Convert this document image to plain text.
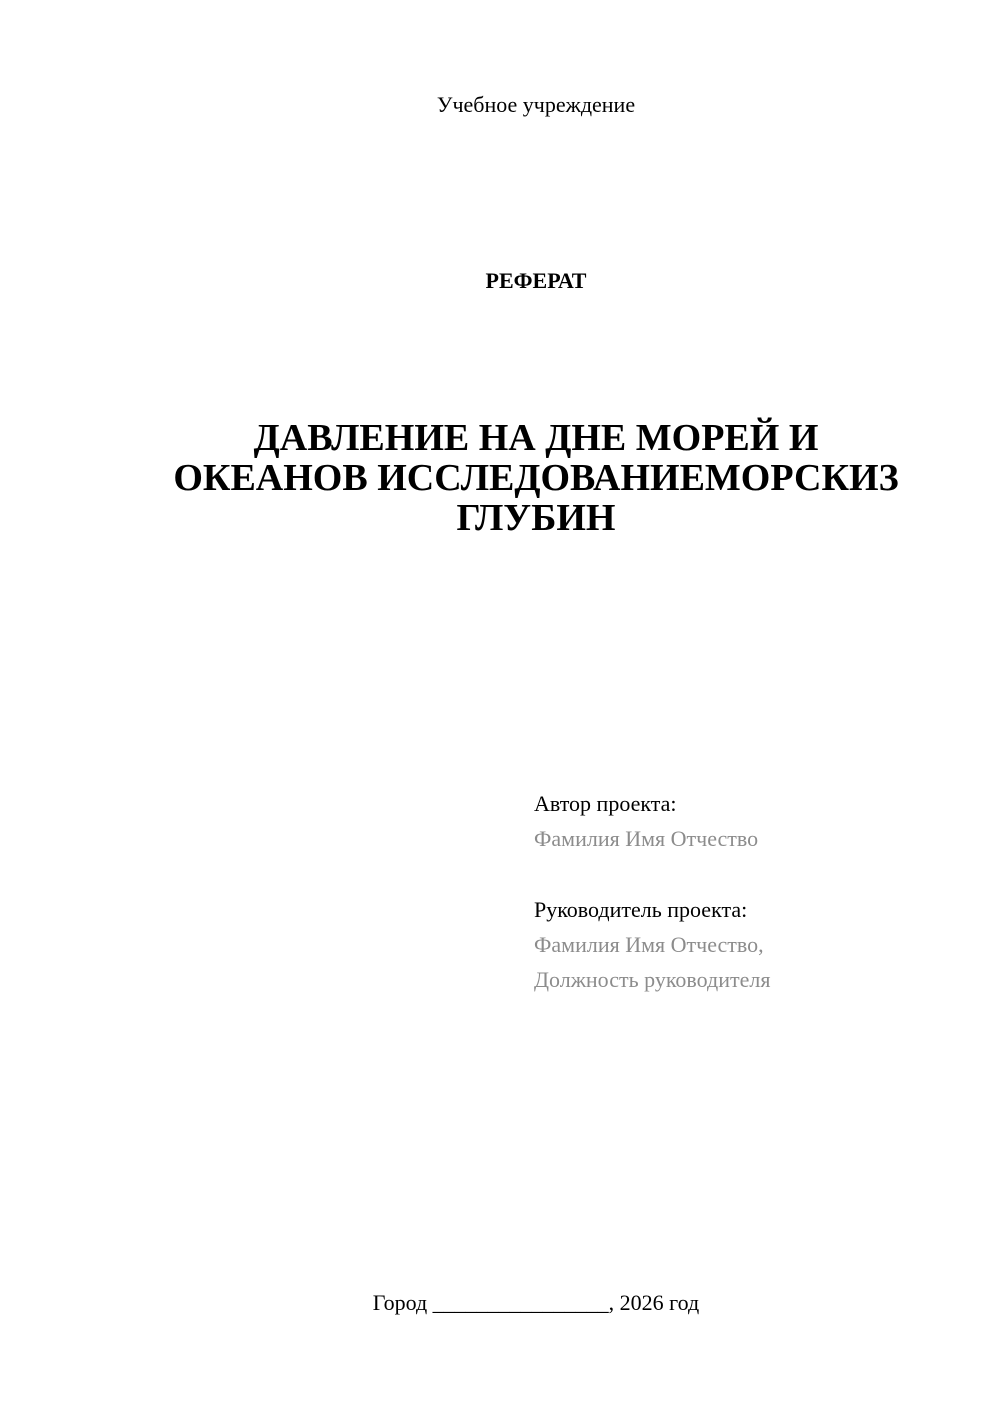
Учебное учреждение
РЕФЕРАТ
ДАВЛЕНИЕ НА ДНЕ МОРЕЙ И
ОКЕАНОВ ИССЛЕДОВАНИЕМОРСКИЗ
ГЛУБИН
Автор проекта:
Фамилия Имя Отчество
Руководитель проекта:
Фамилия Имя Отчество,
Должность руководителя
Город ________________, 2026 год
